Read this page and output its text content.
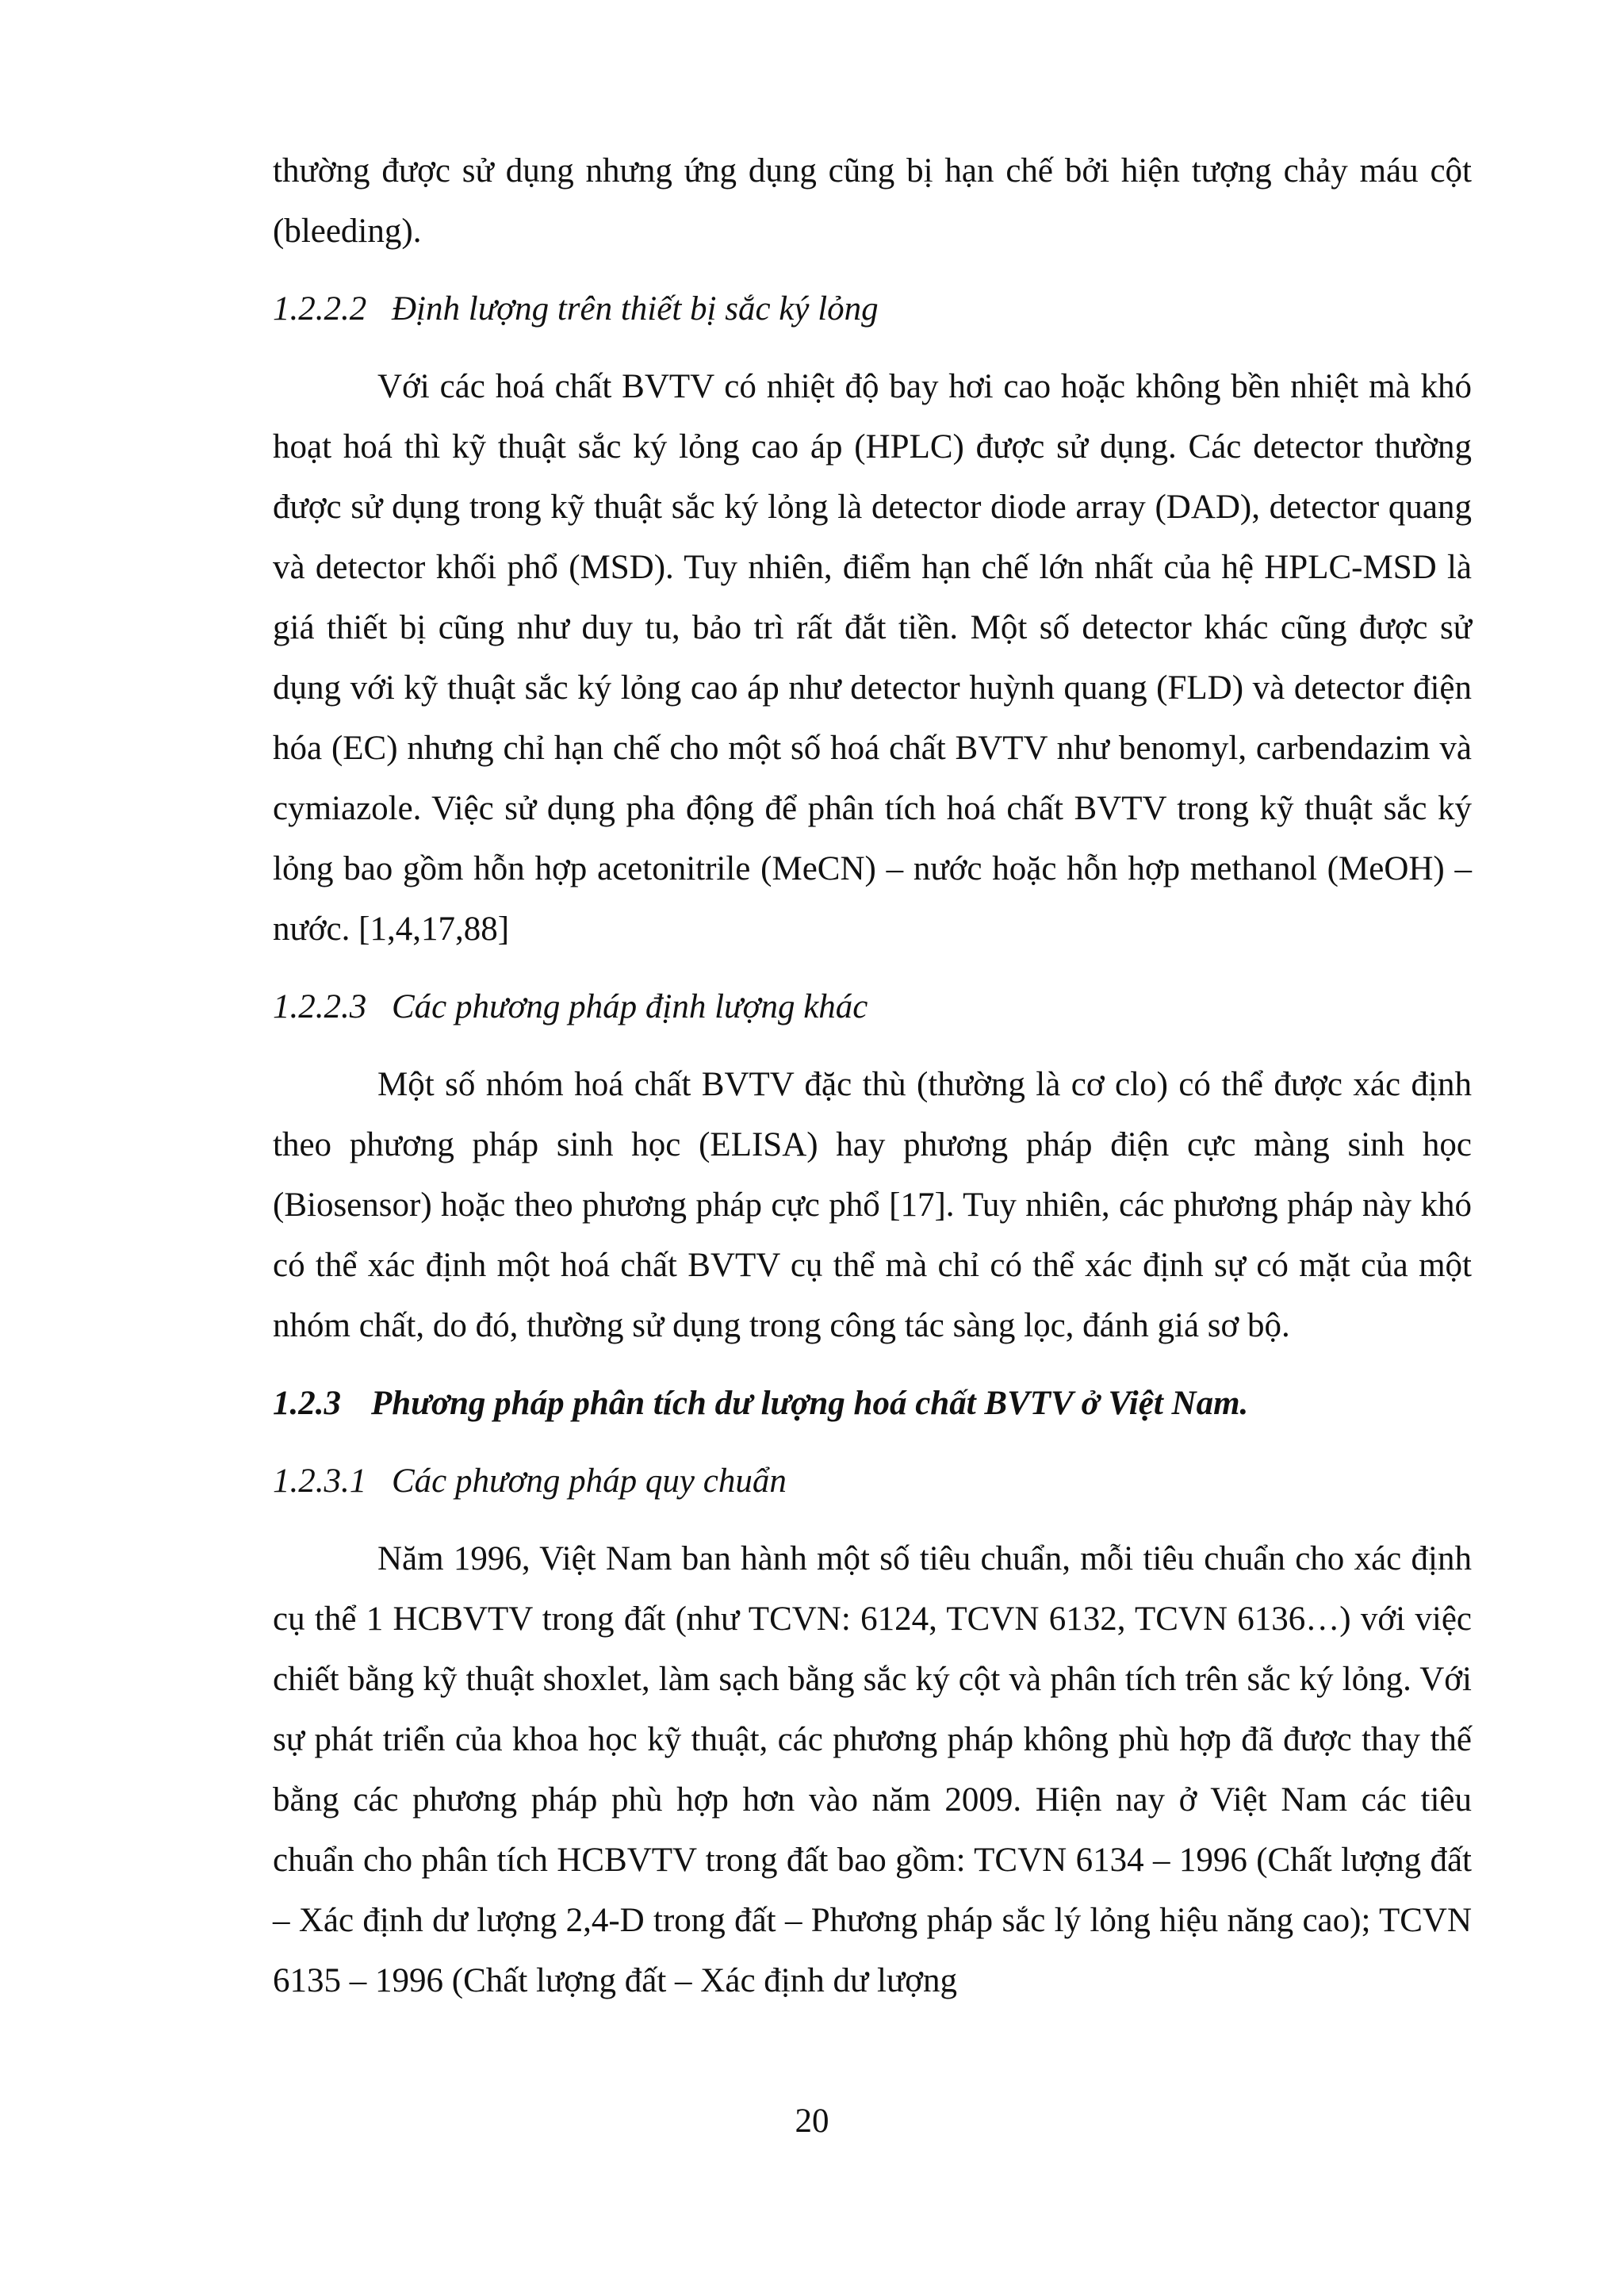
thường được sử dụng nhưng ứng dụng cũng bị hạn chế bởi hiện tượng chảy máu cột (bleeding).

1.2.2.2 Định lượng trên thiết bị sắc ký lỏng

Với các hoá chất BVTV có nhiệt độ bay hơi cao hoặc không bền nhiệt mà khó hoạt hoá thì kỹ thuật sắc ký lỏng cao áp (HPLC) được sử dụng. Các detector thường được sử dụng trong kỹ thuật sắc ký lỏng là detector diode array (DAD), detector quang và detector khối phổ (MSD). Tuy nhiên, điểm hạn chế lớn nhất của hệ HPLC-MSD là giá thiết bị cũng như duy tu, bảo trì rất đắt tiền. Một số detector khác cũng được sử dụng với kỹ thuật sắc ký lỏng cao áp như detector huỳnh quang (FLD) và detector điện hóa (EC) nhưng chỉ hạn chế cho một số hoá chất BVTV như benomyl, carbendazim và cymiazole. Việc sử dụng pha động để phân tích hoá chất BVTV trong kỹ thuật sắc ký lỏng bao gồm hỗn hợp acetonitrile (MeCN) – nước hoặc hỗn hợp methanol (MeOH) – nước. [1,4,17,88]

1.2.2.3 Các phương pháp định lượng khác

Một số nhóm hoá chất BVTV đặc thù (thường là cơ clo) có thể được xác định theo phương pháp sinh học (ELISA) hay phương pháp điện cực màng sinh học (Biosensor) hoặc theo phương pháp cực phổ [17]. Tuy nhiên, các phương pháp này khó có thể xác định một hoá chất BVTV cụ thể mà chỉ có thể xác định sự có mặt của một nhóm chất, do đó, thường sử dụng trong công tác sàng lọc, đánh giá sơ bộ.

1.2.3 Phương pháp phân tích dư lượng hoá chất BVTV ở Việt Nam.

1.2.3.1 Các phương pháp quy chuẩn

Năm 1996, Việt Nam ban hành một số tiêu chuẩn, mỗi tiêu chuẩn cho xác định cụ thể 1 HCBVTV trong đất (như TCVN: 6124, TCVN 6132, TCVN 6136…) với việc chiết bằng kỹ thuật shoxlet, làm sạch bằng sắc ký cột và phân tích trên sắc ký lỏng. Với sự phát triển của khoa học kỹ thuật, các phương pháp không phù hợp đã được thay thế bằng các phương pháp phù hợp hơn vào năm 2009. Hiện nay ở Việt Nam các tiêu chuẩn cho phân tích HCBVTV trong đất bao gồm: TCVN 6134 – 1996 (Chất lượng đất – Xác định dư lượng 2,4-D trong đất – Phương pháp sắc lý lỏng hiệu năng cao); TCVN 6135 – 1996 (Chất lượng đất – Xác định dư lượng

20
